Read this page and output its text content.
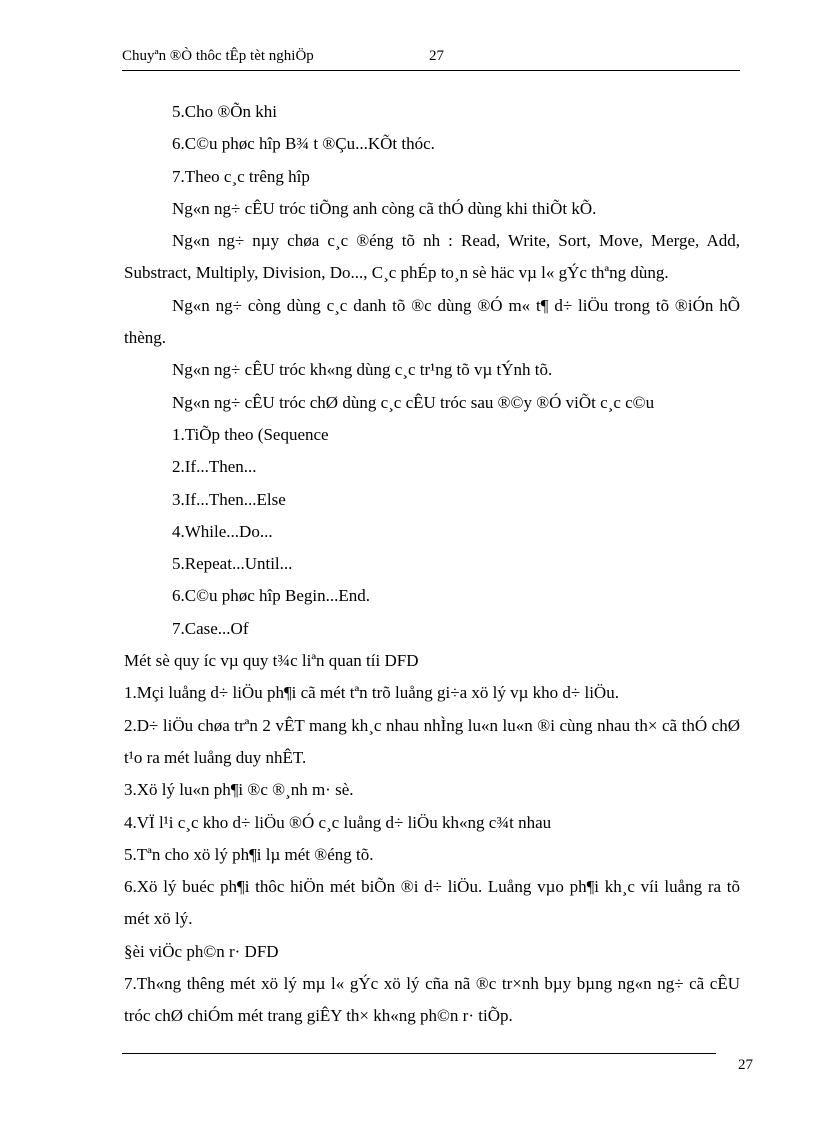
Chuyªn ®Ò thôc tÊp tèt nghiÖp	27
5.Cho ®Õn khi
6.C©u phøc hîp B¾ t ®Çu...KÕt thóc.
7.Theo c¸c trêng hîp
Ng«n ng÷ cÊU tróc tiÕng anh còng cã thÓ dùng khi thiÕt kÕ.
Ng«n ng÷ nµy chøa c¸c ®éng tõ nh : Read, Write, Sort, Move, Merge, Add, Substract, Multiply, Division, Do..., C¸c phÉp to¸n sè häc vµ l« gÝc thªng dùng.
Ng«n ng÷ còng dùng c¸c danh tõ ®c dùng ®Ó m« t¶ d÷ liÖu trong tõ ®iÓn hÕ thèng.
Ng«n ng÷ cÊU tróc kh«ng dùng c¸c tr¹ng tõ vµ tÝnh tõ.
Ng«n ng÷ cÊU tróc chØ dùng c¸c cÊU tróc sau ®©y ®Ó viÕt c¸c c©u
1.TiÕp theo (Sequence
2.If...Then...
3.If...Then...Else
4.While...Do...
5.Repeat...Until...
6.C©u phøc hîp Begin...End.
7.Case...Of
Mét sè quy íc vµ quy t¾c liªn quan tíi DFD
1.Mçi luång d÷ liÖu ph¶i cã mét tªn trõ luång gi÷a xö lý vµ kho d÷ liÖu.
2.D÷ liÖu chøa trªn 2 vÊT mang kh¸c nhau nhÌng lu«n lu«n ®i cùng nhau th× cã thÓ chØ t¹o ra mét luång duy nhÊT.
3.Xö lý lu«n ph¶i ®c ®¸nh m· sè.
4.VÏ l¹i c¸c kho d÷ liÖu ®Ó c¸c luång d÷ liÖu kh«ng c¾t nhau
5.Tªn cho xö lý ph¶i lµ mét ®éng tõ.
6.Xö lý buéc ph¶i thôc hiÖn mét biÕn ®i d÷ liÖu. Luång vµo ph¶i kh¸c víi luång ra tõ mét xö lý.
§èi viÖc ph©n r· DFD
7.Th«ng thêng mét xö lý mµ l« gÝc xö lý cña nã ®c tr×nh bµy bµng ng«n ng÷ cã cÊU tróc chØ chiÓm mét trang giÊY th× kh«ng ph©n r· tiÕp.
27
